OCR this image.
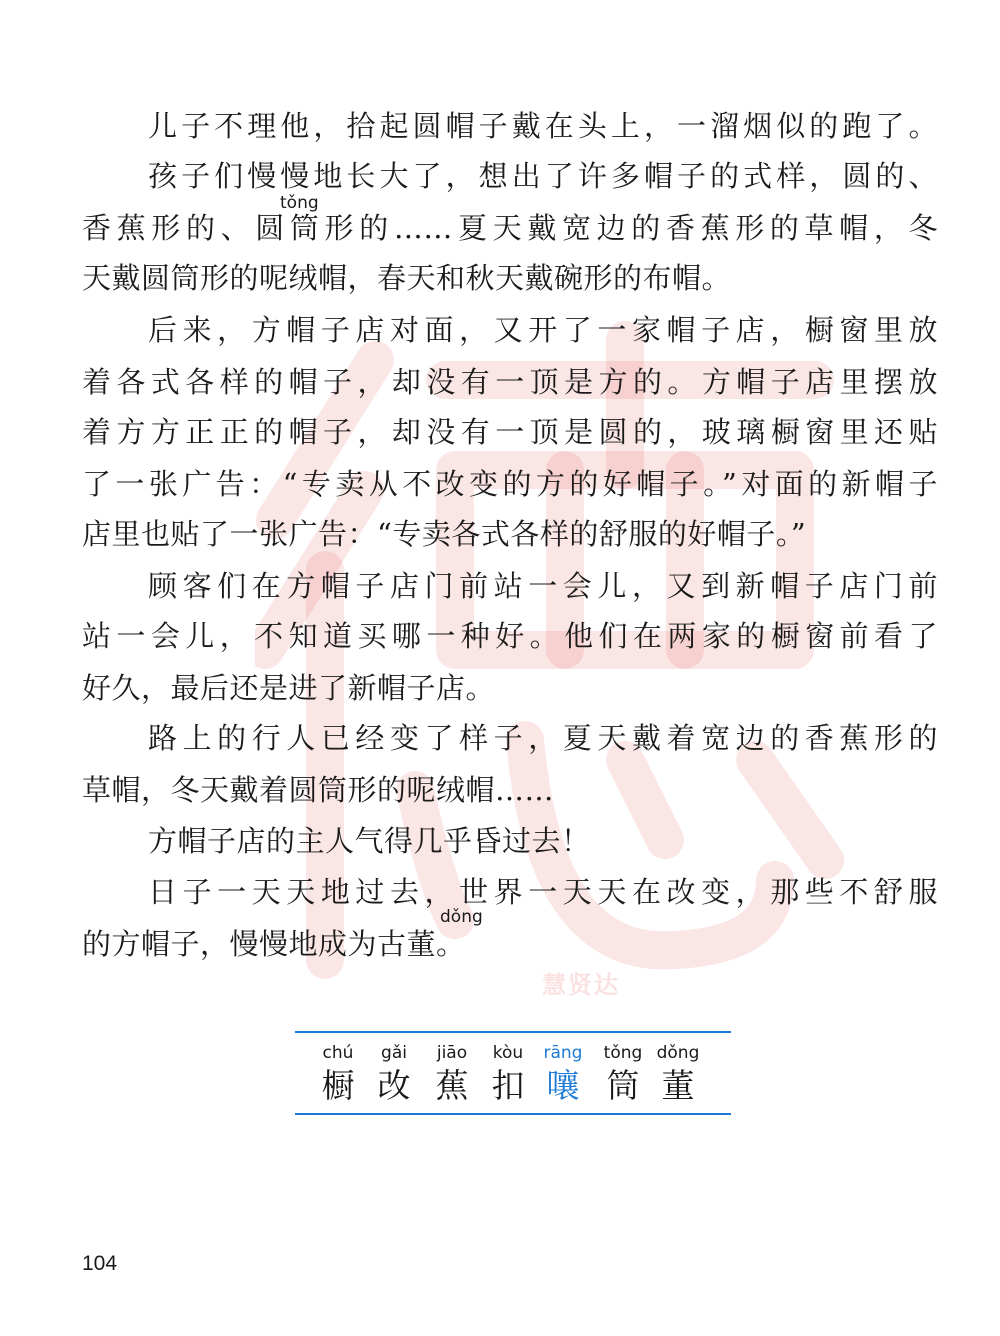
慧贤达
tǒng
dǒng
儿子不理他，拾起圆帽子戴在头上，一溜烟似的跑了。
孩子们慢慢地长大了，想出了许多帽子的式样，圆的、
香蕉形的、圆筒形的……夏天戴宽边的香蕉形的草帽，冬
天戴圆筒形的呢绒帽，春天和秋天戴碗形的布帽。
后来，方帽子店对面，又开了一家帽子店，橱窗里放
着各式各样的帽子，却没有一顶是方的。方帽子店里摆放
着方方正正的帽子，却没有一顶是圆的，玻璃橱窗里还贴
了一张广告：“专卖从不改变的方的好帽子。”对面的新帽子
店里也贴了一张广告：“专卖各式各样的舒服的好帽子。”
顾客们在方帽子店门前站一会儿，又到新帽子店门前
站一会儿，不知道买哪一种好。他们在两家的橱窗前看了
好久，最后还是进了新帽子店。
路上的行人已经变了样子，夏天戴着宽边的香蕉形的
草帽，冬天戴着圆筒形的呢绒帽……
方帽子店的主人气得几乎昏过去！
日子一天天地过去，世界一天天在改变，那些不舒服
的方帽子，慢慢地成为古董。
chú
橱
gǎi
改
jiāo
蕉
kòu
扣
rāng
嚷
tǒng
筒
dǒng
董
104
